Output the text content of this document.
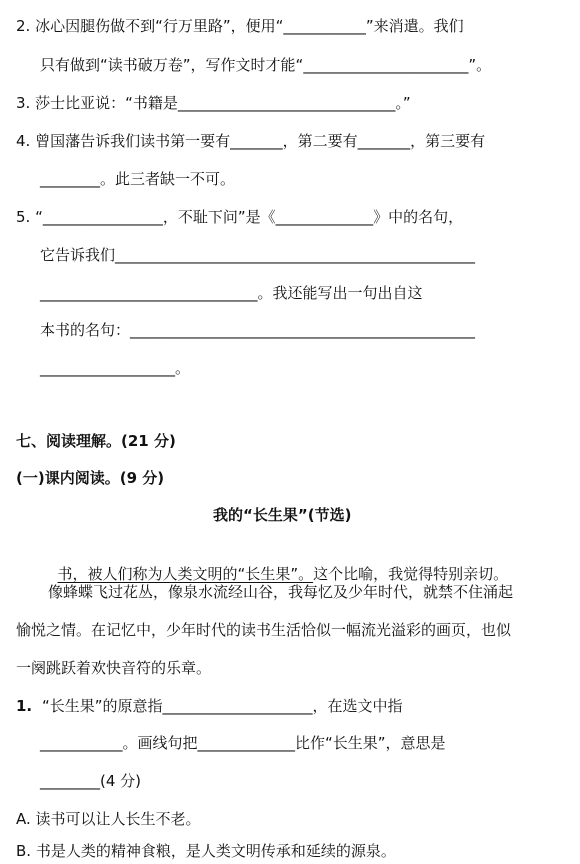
2. 冰心因腿伤做不到“行万里路”，便用“___________”来消遣。我们
只有做到“读书破万卷”，写作文时才能“______________________”。
3. 莎士比亚说：“书籍是_____________________________。”
4. 曾国藩告诉我们读书第一要有_______，第二要有_______，第三要有
________。此三者缺一不可。
5. “________________，不耻下问”是《_____________》中的名句，
它告诉我们________________________________________________
_____________________________。我还能写出一句出自这
本书的名句：______________________________________________
__________________。
七、阅读理解。(21 分)
(一)课内阅读。(9 分)
我的“长生果”(节选)

书，被人们称为人类文明的“长生果”。这个比喻，我觉得特别亲切。

像蜂蝶飞过花丛，像泉水流经山谷，我每忆及少年时代，就禁不住涌起
愉悦之情。在记忆中，少年时代的读书生活恰似一幅流光溢彩的画页，也似
一阕跳跃着欢快音符的乐章。
1. “长生果”的原意指____________________，在选文中指
___________。画线句把_____________比作“长生果”，意思是
________(4 分)
A. 读书可以让人长生不老。
B. 书是人类的精神食粮，是人类文明传承和延续的源泉。
